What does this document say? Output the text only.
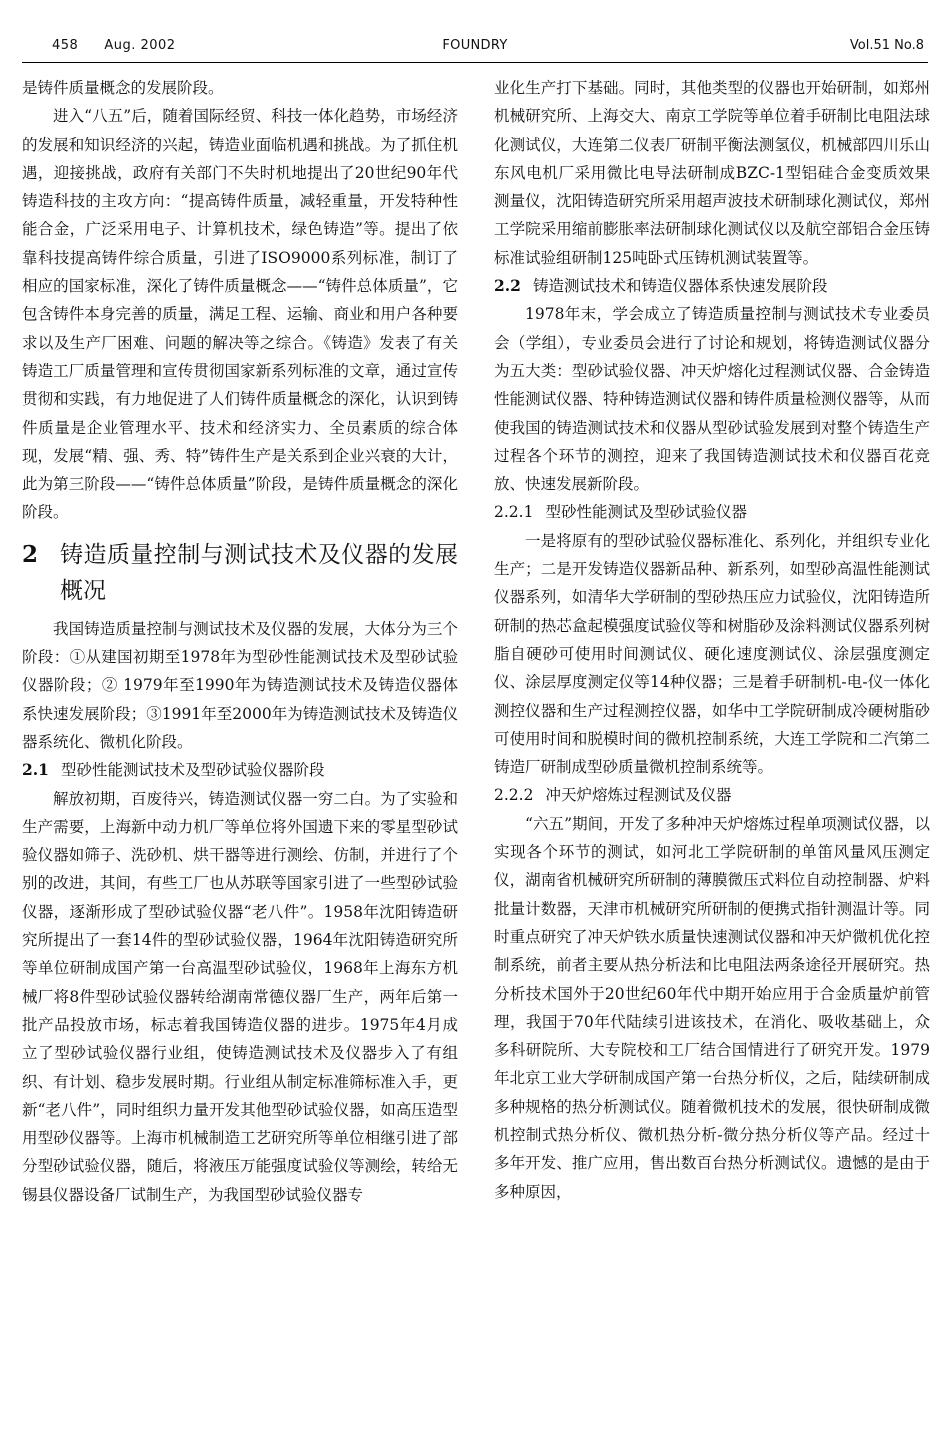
458 Aug. 2002	FOUNDRY	Vol.51 No.8

是铸件质量概念的发展阶段。

进入“八五”后，随着国际经贸、科技一体化趋势，市场经济的发展和知识经济的兴起，铸造业面临机遇和挑战。为了抓住机遇，迎接挑战，政府有关部门不失时机地提出了20世纪90年代铸造科技的主攻方向：“提高铸件质量，减轻重量，开发特种性能合金，广泛采用电子、计算机技术，绿色铸造”等。提出了依靠科技提高铸件综合质量，引进了ISO9000系列标准，制订了相应的国家标准，深化了铸件质量概念——“铸件总体质量”，它包含铸件本身完善的质量，满足工程、运输、商业和用户各种要求以及生产厂困难、问题的解决等之综合。《铸造》发表了有关铸造工厂质量管理和宣传贯彻国家新系列标准的文章，通过宣传贯彻和实践，有力地促进了人们铸件质量概念的深化，认识到铸件质量是企业管理水平、技术和经济实力、全员素质的综合体现，发展“精、强、秀、特”铸件生产是关系到企业兴衰的大计，此为第三阶段——“铸件总体质量”阶段，是铸件质量概念的深化阶段。

2 铸造质量控制与测试技术及仪器的发展概况

我国铸造质量控制与测试技术及仪器的发展，大体分为三个阶段：①从建国初期至1978年为型砂性能测试技术及型砂试验仪器阶段；② 1979年至1990年为铸造测试技术及铸造仪器体系快速发展阶段；③1991年至2000年为铸造测试技术及铸造仪器系统化、微机化阶段。

2.1 型砂性能测试技术及型砂试验仪器阶段

解放初期，百废待兴，铸造测试仪器一穷二白。为了实验和生产需要，上海新中动力机厂等单位将外国遗下来的零星型砂试验仪器如筛子、洗砂机、烘干器等进行测绘、仿制，并进行了个别的改进，其间，有些工厂也从苏联等国家引进了一些型砂试验仪器，逐渐形成了型砂试验仪器“老八件”。1958年沈阳铸造研究所提出了一套14件的型砂试验仪器，1964年沈阳铸造研究所等单位研制成国产第一台高温型砂试验仪，1968年上海东方机械厂将8件型砂试验仪器转给湖南常德仪器厂生产，两年后第一批产品投放市场，标志着我国铸造仪器的进步。1975年4月成立了型砂试验仪器行业组，使铸造测试技术及仪器步入了有组织、有计划、稳步发展时期。行业组从制定标准筛标准入手，更新“老八件”，同时组织力量开发其他型砂试验仪器，如高压造型用型砂仪器等。上海市机械制造工艺研究所等单位相继引进了部分型砂试验仪器，随后，将液压万能强度试验仪等测绘，转给无锡县仪器设备厂试制生产，为我国型砂试验仪器专

业化生产打下基础。同时，其他类型的仪器也开始研制，如郑州机械研究所、上海交大、南京工学院等单位着手研制比电阻法球化测试仪，大连第二仪表厂研制平衡法测氢仪，机械部四川乐山东风电机厂采用微比电导法研制成BZC-1型铝硅合金变质效果测量仪，沈阳铸造研究所采用超声波技术研制球化测试仪，郑州工学院采用缩前膨胀率法研制球化测试仪以及航空部铝合金压铸标准试验组研制125吨卧式压铸机测试装置等。

2.2 铸造测试技术和铸造仪器体系快速发展阶段

1978年末，学会成立了铸造质量控制与测试技术专业委员会（学组），专业委员会进行了讨论和规划，将铸造测试仪器分为五大类：型砂试验仪器、冲天炉熔化过程测试仪器、合金铸造性能测试仪器、特种铸造测试仪器和铸件质量检测仪器等，从而使我国的铸造测试技术和仪器从型砂试验发展到对整个铸造生产过程各个环节的测控，迎来了我国铸造测试技术和仪器百花竞放、快速发展新阶段。

2.2.1 型砂性能测试及型砂试验仪器

一是将原有的型砂试验仪器标准化、系列化，并组织专业化生产；二是开发铸造仪器新品种、新系列，如型砂高温性能测试仪器系列，如清华大学研制的型砂热压应力试验仪，沈阳铸造所研制的热芯盒起模强度试验仪等和树脂砂及涂料测试仪器系列树脂自硬砂可使用时间测试仪、硬化速度测试仪、涂层强度测定仪、涂层厚度测定仪等14种仪器；三是着手研制机-电-仪一体化测控仪器和生产过程测控仪器，如华中工学院研制成冷硬树脂砂可使用时间和脱模时间的微机控制系统，大连工学院和二汽第二铸造厂研制成型砂质量微机控制系统等。

2.2.2 冲天炉熔炼过程测试及仪器

“六五”期间，开发了多种冲天炉熔炼过程单项测试仪器，以实现各个环节的测试，如河北工学院研制的单笛风量风压测定仪，湖南省机械研究所研制的薄膜微压式料位自动控制器、炉料批量计数器，天津市机械研究所研制的便携式指针测温计等。同时重点研究了冲天炉铁水质量快速测试仪器和冲天炉微机优化控制系统，前者主要从热分析法和比电阻法两条途径开展研究。热分析技术国外于20世纪60年代中期开始应用于合金质量炉前管理，我国于70年代陆续引进该技术，在消化、吸收基础上，众多科研院所、大专院校和工厂结合国情进行了研究开发。1979年北京工业大学研制成国产第一台热分析仪，之后，陆续研制成多种规格的热分析测试仪。随着微机技术的发展，很快研制成微机控制式热分析仪、微机热分析-微分热分析仪等产品。经过十多年开发、推广应用，售出数百台热分析测试仪。遗憾的是由于多种原因，
